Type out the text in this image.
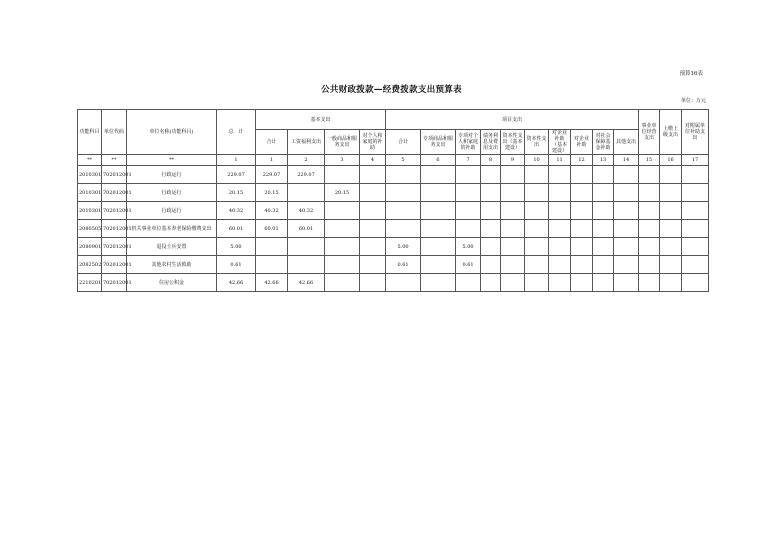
预算16表
公共财政拨款—经费拨款支出预算表
单位：万元
功能科目	单位代码	单位名称(功能科目)	总　计	基本支出				项目支出										事业单位经营支出	上缴上级支出	对附属单位补助支出
				合计	工资福利支出	一般商品和服务支出	对个人和家庭的补助	合计	专项商品和服务支出	专项对个人和家庭的补助	债务利息及费用支出	资本性支出（基本建设）	资本性支出	对企业补助（基本建设）	对企业补助	对社会保障基金补助	其他支出			
**	**	**	1	1	2	3	4	5	6	7	8	9	10	11	12	13	14	15	16	17
2010301	702012001	行政运行	229.07	229.07	229.07															
2010301	702012001	行政运行	20.15	20.15		20.15														
2010301	702012001	行政运行	40.32	40.32	40.32															
2080505	702012001	机关事业单位基本养老保险缴费支出	60.01	60.01	60.01															
2080901	702012001	退役士兵安置	5.00					5.00		5.00										
2082502	702012001	其他农村生活救助	0.61					0.61		0.61										
2210201	702012001	住房公积金	42.66	42.66	42.66															
